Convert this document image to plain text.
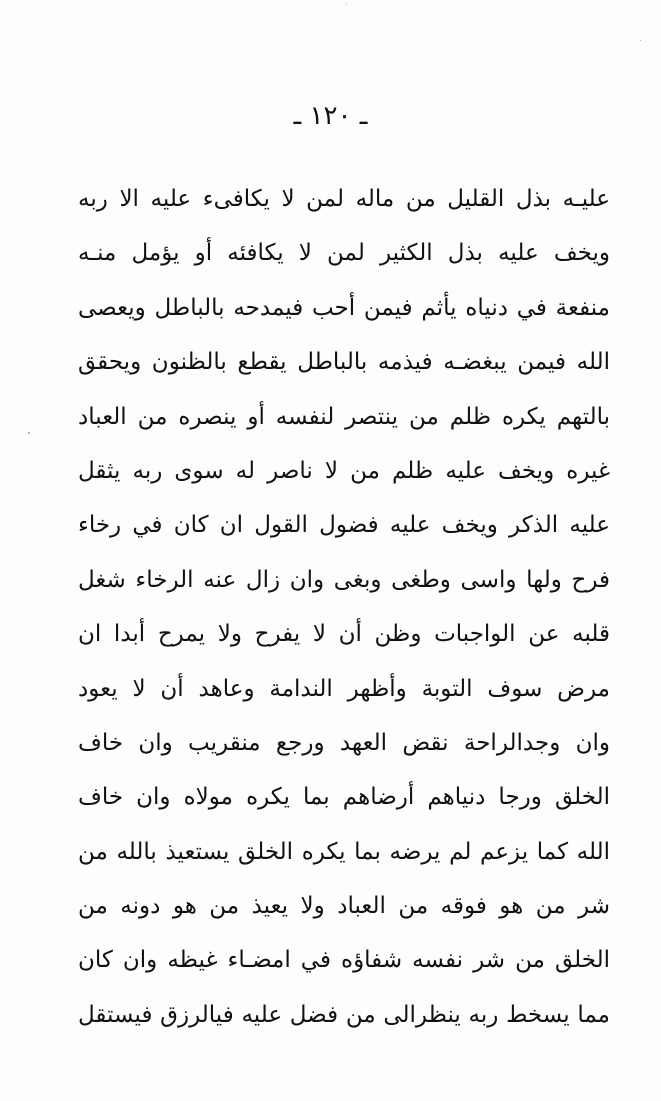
ـ ١٢٠ ـ
عليـه بذل القليل من ماله لمن لا يكافىء عليه الا ربه
ويخف عليه بذل الكثير لمن لا يكافئه أو يؤمل منـه
منفعة في دنياه يأثم فيمن أحب فيمدحه بالباطل ويعصى
الله فيمن يبغضـه فيذمه بالباطل يقطع بالظنون ويحقق
بالتهم يكره ظلم من ينتصر لنفسه أو ينصره من العباد
غيره ويخف عليه ظلم من لا ناصر له سوى ربه يثقل
عليه الذكر ويخف عليه فضول القول ان كان في رخاء
فرح ولها واسى وطغى وبغى وان زال عنه الرخاء شغل
قلبه عن الواجبات وظن أن لا يفرح ولا يمرح أبدا ان
مرض سوف التوبة وأظهر الندامة وعاهد أن لا يعود
وان وجدالراحة نقض العهد ورجع منقريب وان خاف
الخلق ورجا دنياهم أرضاهم بما يكره مولاه وان خاف
الله كما يزعم لم يرضه بما يكره الخلق يستعيذ بالله من
شر من هو فوقه من العباد ولا يعيذ من هو دونه من
الخلق من شر نفسه شفاؤه في امضـاء غيظه وان كان
مما يسخط ربه ينظرالى من فضل عليه فيالرزق فيستقل
